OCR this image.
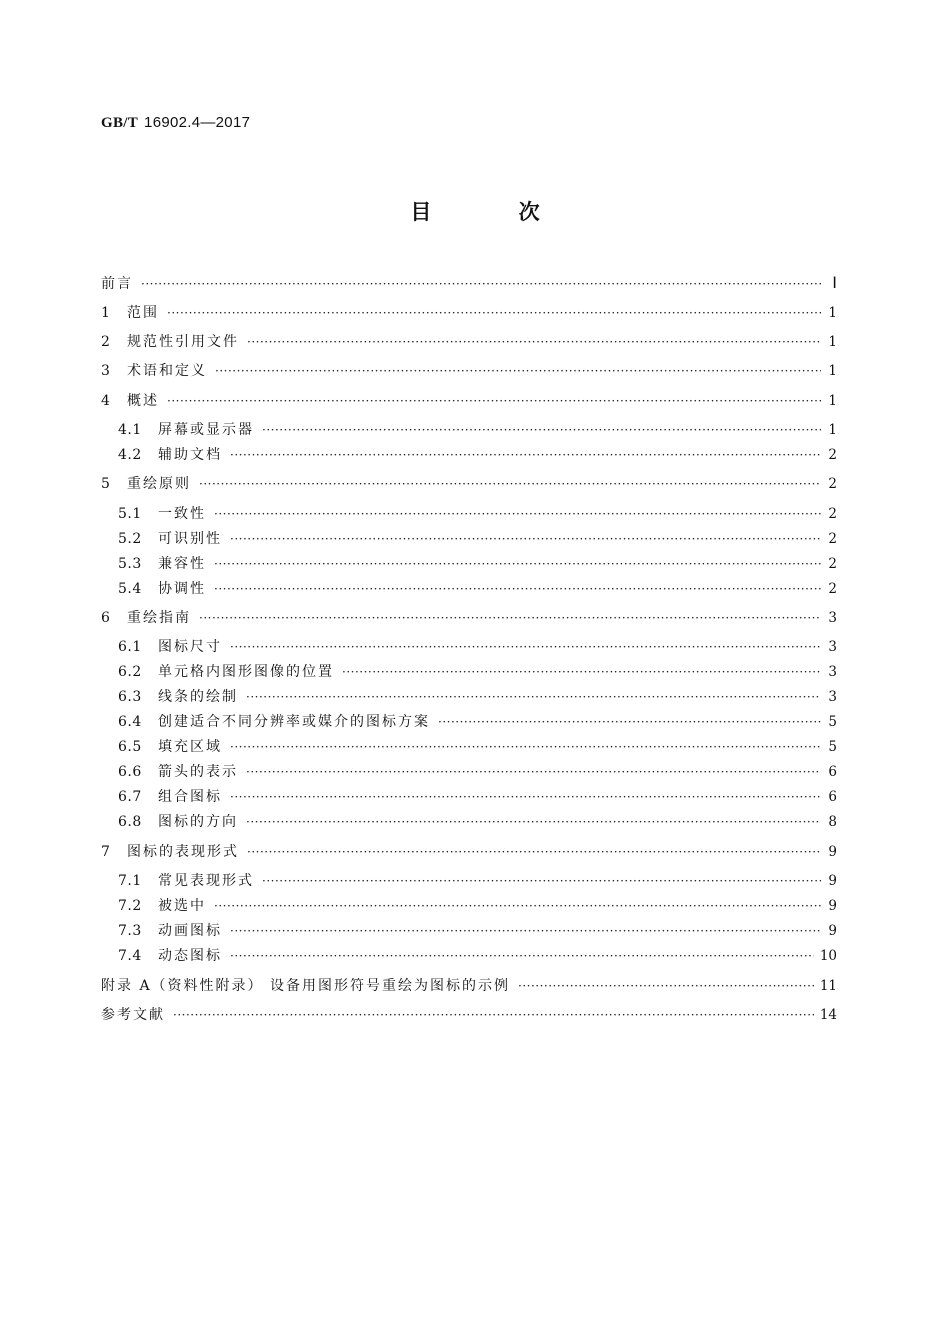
GB/T 16902.4—2017
目 次
前言 ·····	Ⅰ
1	范围 ·····	1
2	规范性引用文件 ·····	1
3	术语和定义 ·····	1
4	概述 ·····	1
4.1	屏幕或显示器 ·····	1
4.2	辅助文档 ·····	2
5	重绘原则 ·····	2
5.1	一致性 ·····	2
5.2	可识别性 ·····	2
5.3	兼容性 ·····	2
5.4	协调性 ·····	2
6	重绘指南 ·····	3
6.1	图标尺寸 ·····	3
6.2	单元格内图形图像的位置 ·····	3
6.3	线条的绘制 ·····	3
6.4	创建适合不同分辨率或媒介的图标方案 ·····	5
6.5	填充区域 ·····	5
6.6	箭头的表示 ·····	6
6.7	组合图标 ·····	6
6.8	图标的方向 ·····	8
7	图标的表现形式 ·····	9
7.1	常见表现形式 ·····	9
7.2	被选中 ·····	9
7.3	动画图标 ·····	9
7.4	动态图标 ·····	10
附录 A（资料性附录） 设备用图形符号重绘为图标的示例 ·····	11
参考文献 ·····	14
